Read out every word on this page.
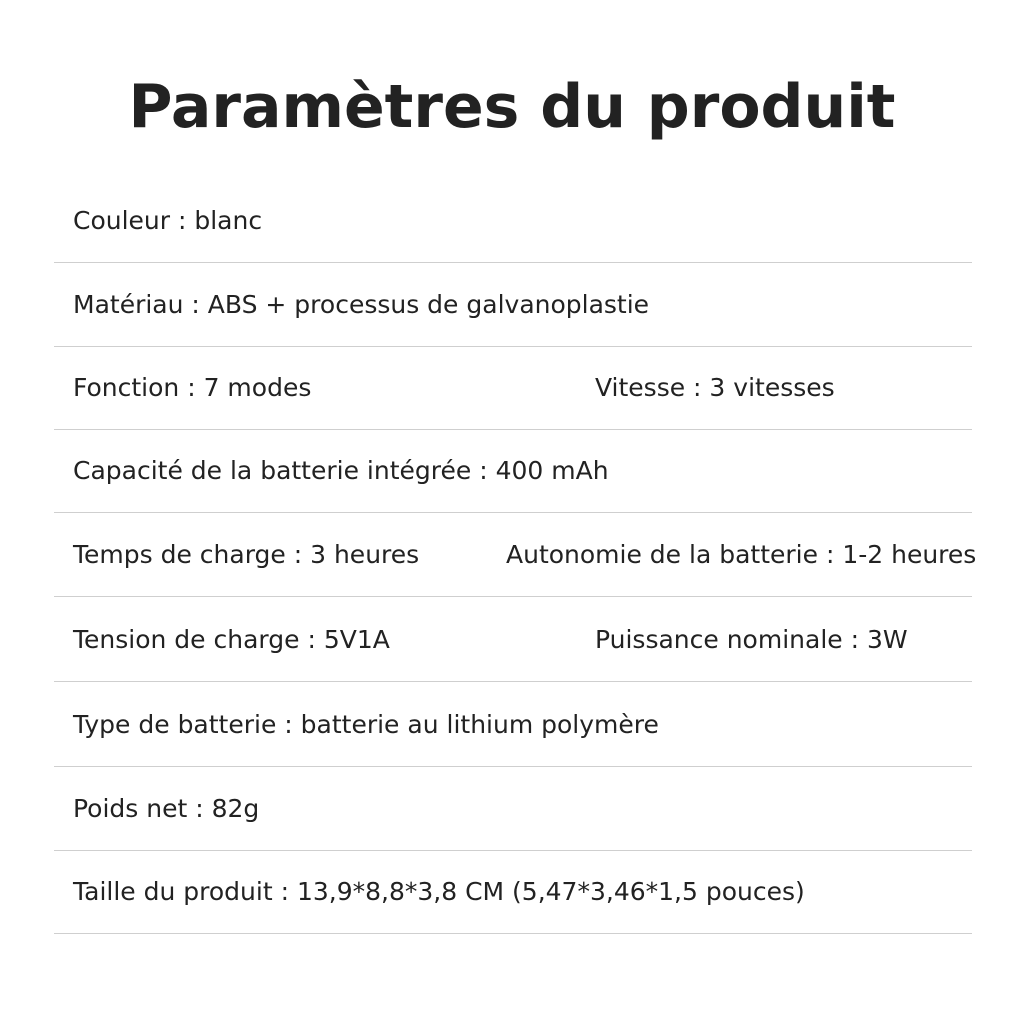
Paramètres du produit
Couleur : blanc
Matériau : ABS + processus de galvanoplastie
Fonction : 7 modes	Vitesse : 3 vitesses
Capacité de la batterie intégrée : 400 mAh
Temps de charge : 3 heures	Autonomie de la batterie : 1-2 heures
Tension de charge : 5V1A	Puissance nominale : 3W
Type de batterie : batterie au lithium polymère
Poids net : 82g
Taille du produit : 13,9*8,8*3,8 CM (5,47*3,46*1,5 pouces)
